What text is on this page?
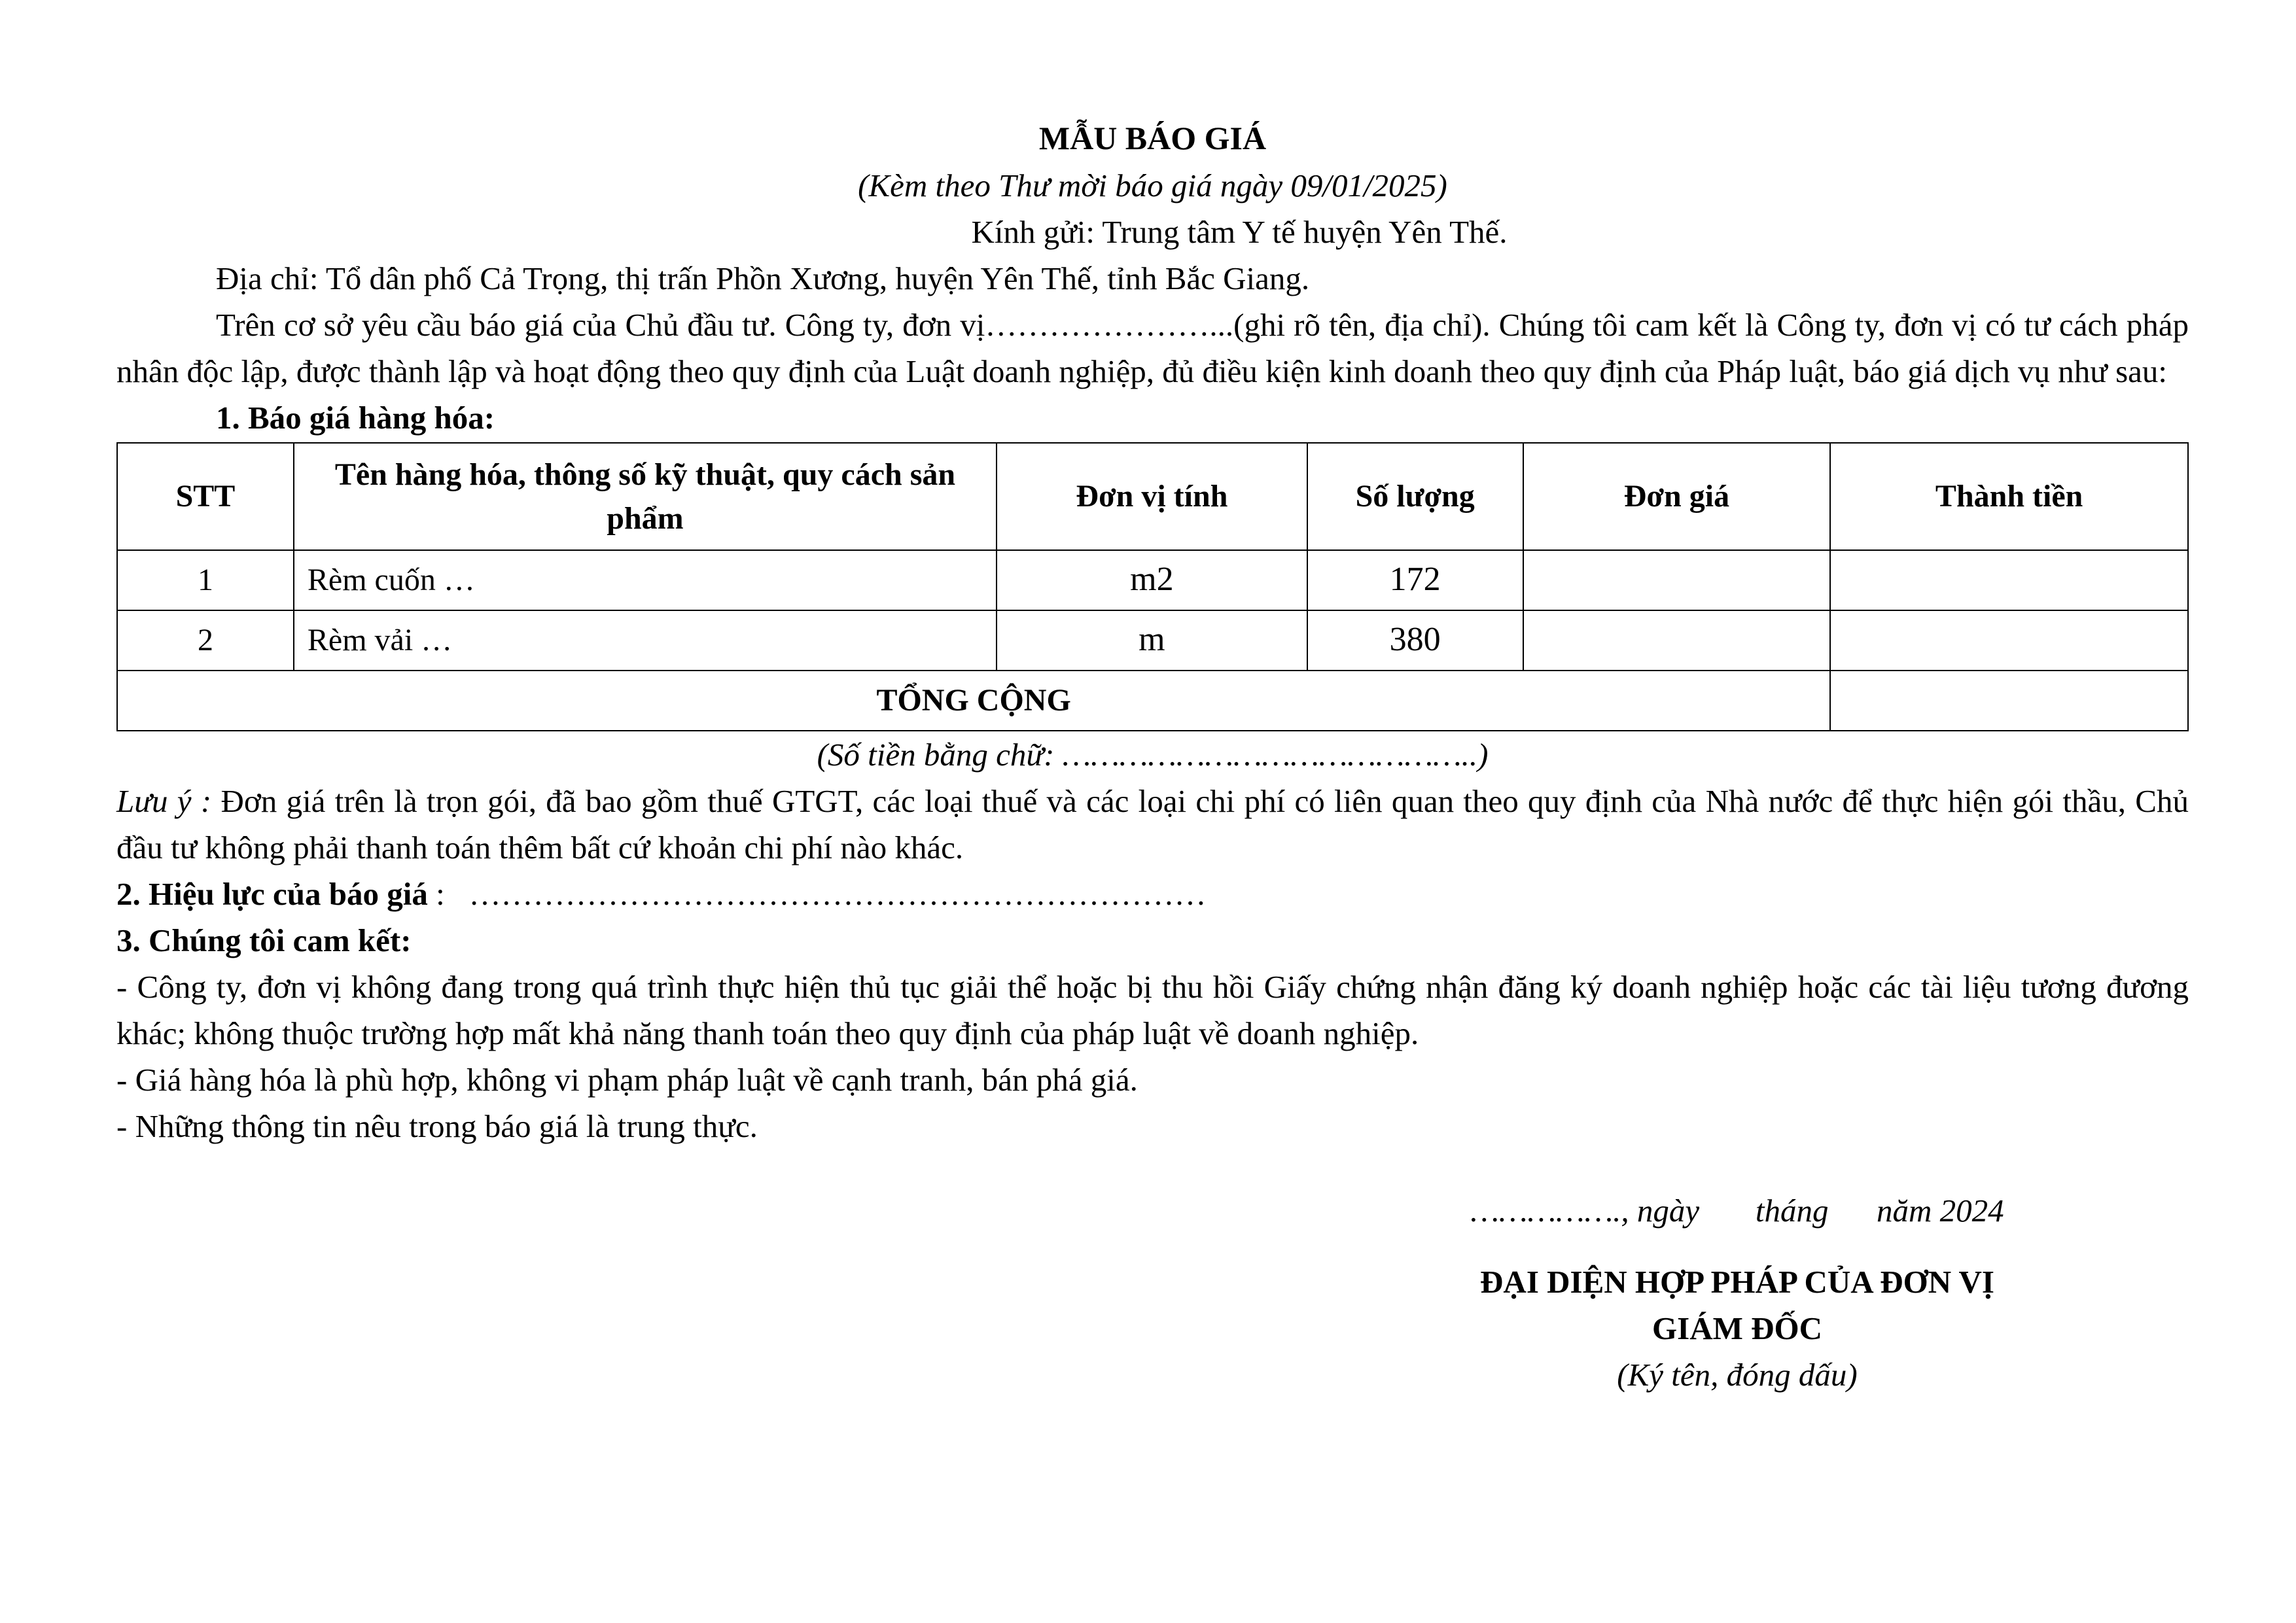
MẪU BÁO GIÁ

(Kèm theo Thư mời báo giá ngày 09/01/2025)

Kính gửi: Trung tâm Y tế huyện Yên Thế.

Địa chỉ: Tổ dân phố Cả Trọng, thị trấn Phồn Xương, huyện Yên Thế, tỉnh Bắc Giang.

Trên cơ sở yêu cầu báo giá của Chủ đầu tư. Công ty, đơn vị…………………...(ghi rõ tên, địa chỉ). Chúng tôi cam kết là Công ty, đơn vị có tư cách pháp nhân độc lập, được thành lập và hoạt động theo quy định của Luật doanh nghiệp, đủ điều kiện kinh doanh theo quy định của Pháp luật, báo giá dịch vụ như sau:

1. Báo giá hàng hóa:

STT	Tên hàng hóa, thông số kỹ thuật, quy cách sản phẩm	Đơn vị tính	Số lượng	Đơn giá	Thành tiền
1	Rèm cuốn …	m2	172		
2	Rèm vải …	m	380		
TỔNG CỘNG					

(Số tiền bằng chữ: ……………………………………..)

Lưu ý : Đơn giá trên là trọn gói, đã bao gồm thuế GTGT, các loại thuế và các loại chi phí có liên quan theo quy định của Nhà nước để thực hiện gói thầu, Chủ đầu tư không phải thanh toán thêm bất cứ khoản chi phí nào khác.

2. Hiệu lực của báo giá :   ……………………………………………………………

3. Chúng tôi cam kết:

- Công ty, đơn vị không đang trong quá trình thực hiện thủ tục giải thể hoặc bị thu hồi Giấy chứng nhận đăng ký doanh nghiệp hoặc các tài liệu tương đương khác; không thuộc trường hợp mất khả năng thanh toán theo quy định của pháp luật về doanh nghiệp.

- Giá hàng hóa là phù hợp, không vi phạm pháp luật về cạnh tranh, bán phá giá.

- Những thông tin nêu trong báo giá là trung thực.

……………., ngày       tháng      năm 2024

ĐẠI DIỆN HỢP PHÁP CỦA ĐƠN VỊ

GIÁM ĐỐC

(Ký tên, đóng dấu)
